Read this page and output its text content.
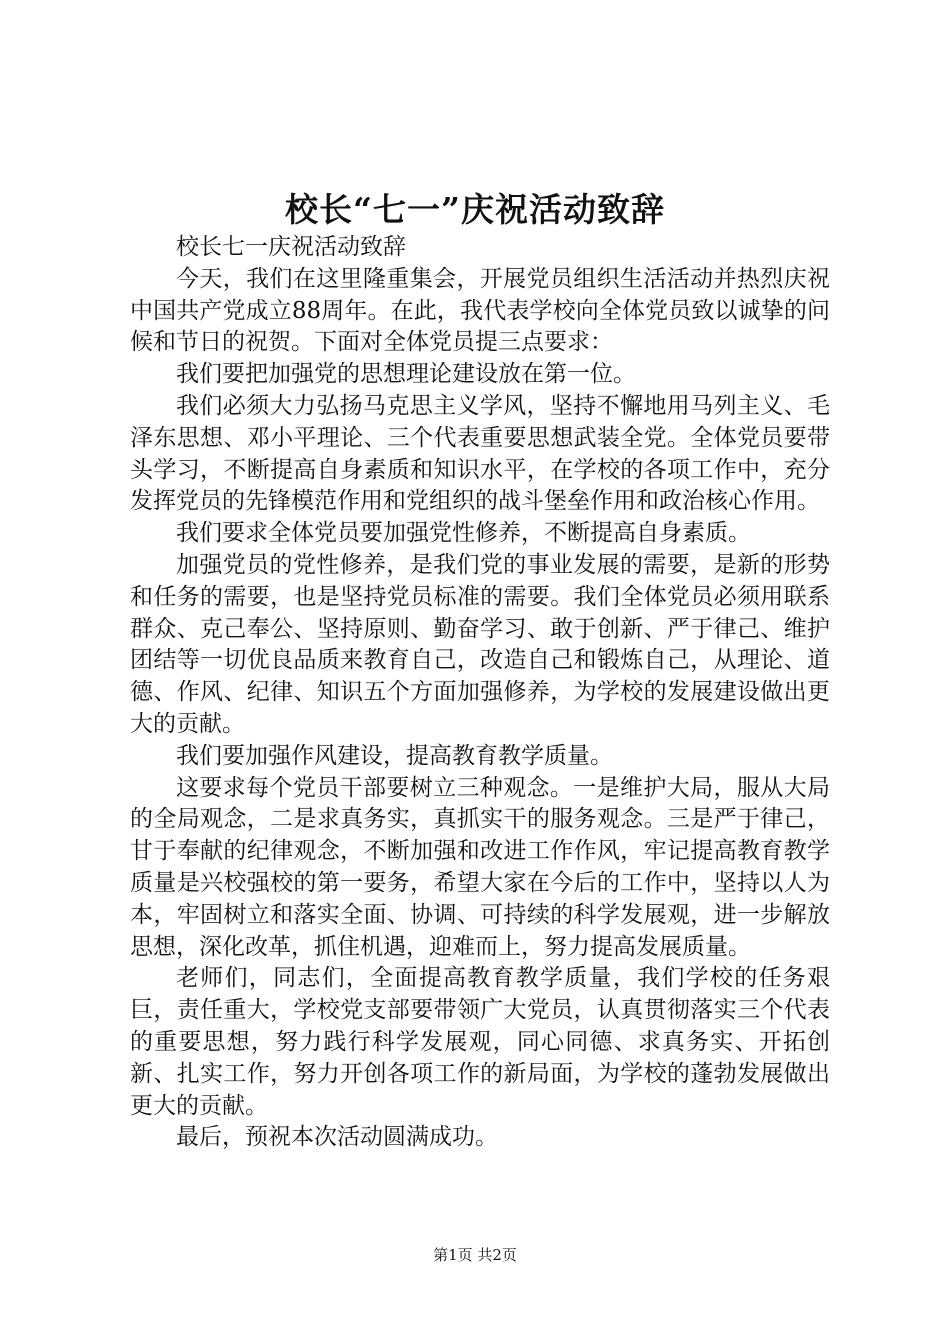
校长“七一”庆祝活动致辞

校长七一庆祝活动致辞

今天，我们在这里隆重集会，开展党员组织生活活动并热烈庆祝中国共产党成立88周年。在此，我代表学校向全体党员致以诚挚的问候和节日的祝贺。下面对全体党员提三点要求：

我们要把加强党的思想理论建设放在第一位。

我们必须大力弘扬马克思主义学风，坚持不懈地用马列主义、毛泽东思想、邓小平理论、三个代表重要思想武装全党。全体党员要带头学习，不断提高自身素质和知识水平，在学校的各项工作中，充分发挥党员的先锋模范作用和党组织的战斗堡垒作用和政治核心作用。

我们要求全体党员要加强党性修养，不断提高自身素质。

加强党员的党性修养，是我们党的事业发展的需要，是新的形势和任务的需要，也是坚持党员标准的需要。我们全体党员必须用联系群众、克己奉公、坚持原则、勤奋学习、敢于创新、严于律己、维护团结等一切优良品质来教育自己，改造自己和锻炼自己，从理论、道德、作风、纪律、知识五个方面加强修养，为学校的发展建设做出更大的贡献。

我们要加强作风建设，提高教育教学质量。

这要求每个党员干部要树立三种观念。一是维护大局，服从大局的全局观念，二是求真务实，真抓实干的服务观念。三是严于律己，甘于奉献的纪律观念，不断加强和改进工作作风，牢记提高教育教学质量是兴校强校的第一要务，希望大家在今后的工作中，坚持以人为本，牢固树立和落实全面、协调、可持续的科学发展观，进一步解放思想，深化改革，抓住机遇，迎难而上，努力提高发展质量。

老师们，同志们，全面提高教育教学质量，我们学校的任务艰巨，责任重大，学校党支部要带领广大党员，认真贯彻落实三个代表的重要思想，努力践行科学发展观，同心同德、求真务实、开拓创新、扎实工作，努力开创各项工作的新局面，为学校的蓬勃发展做出更大的贡献。

最后，预祝本次活动圆满成功。

第1页 共2页
